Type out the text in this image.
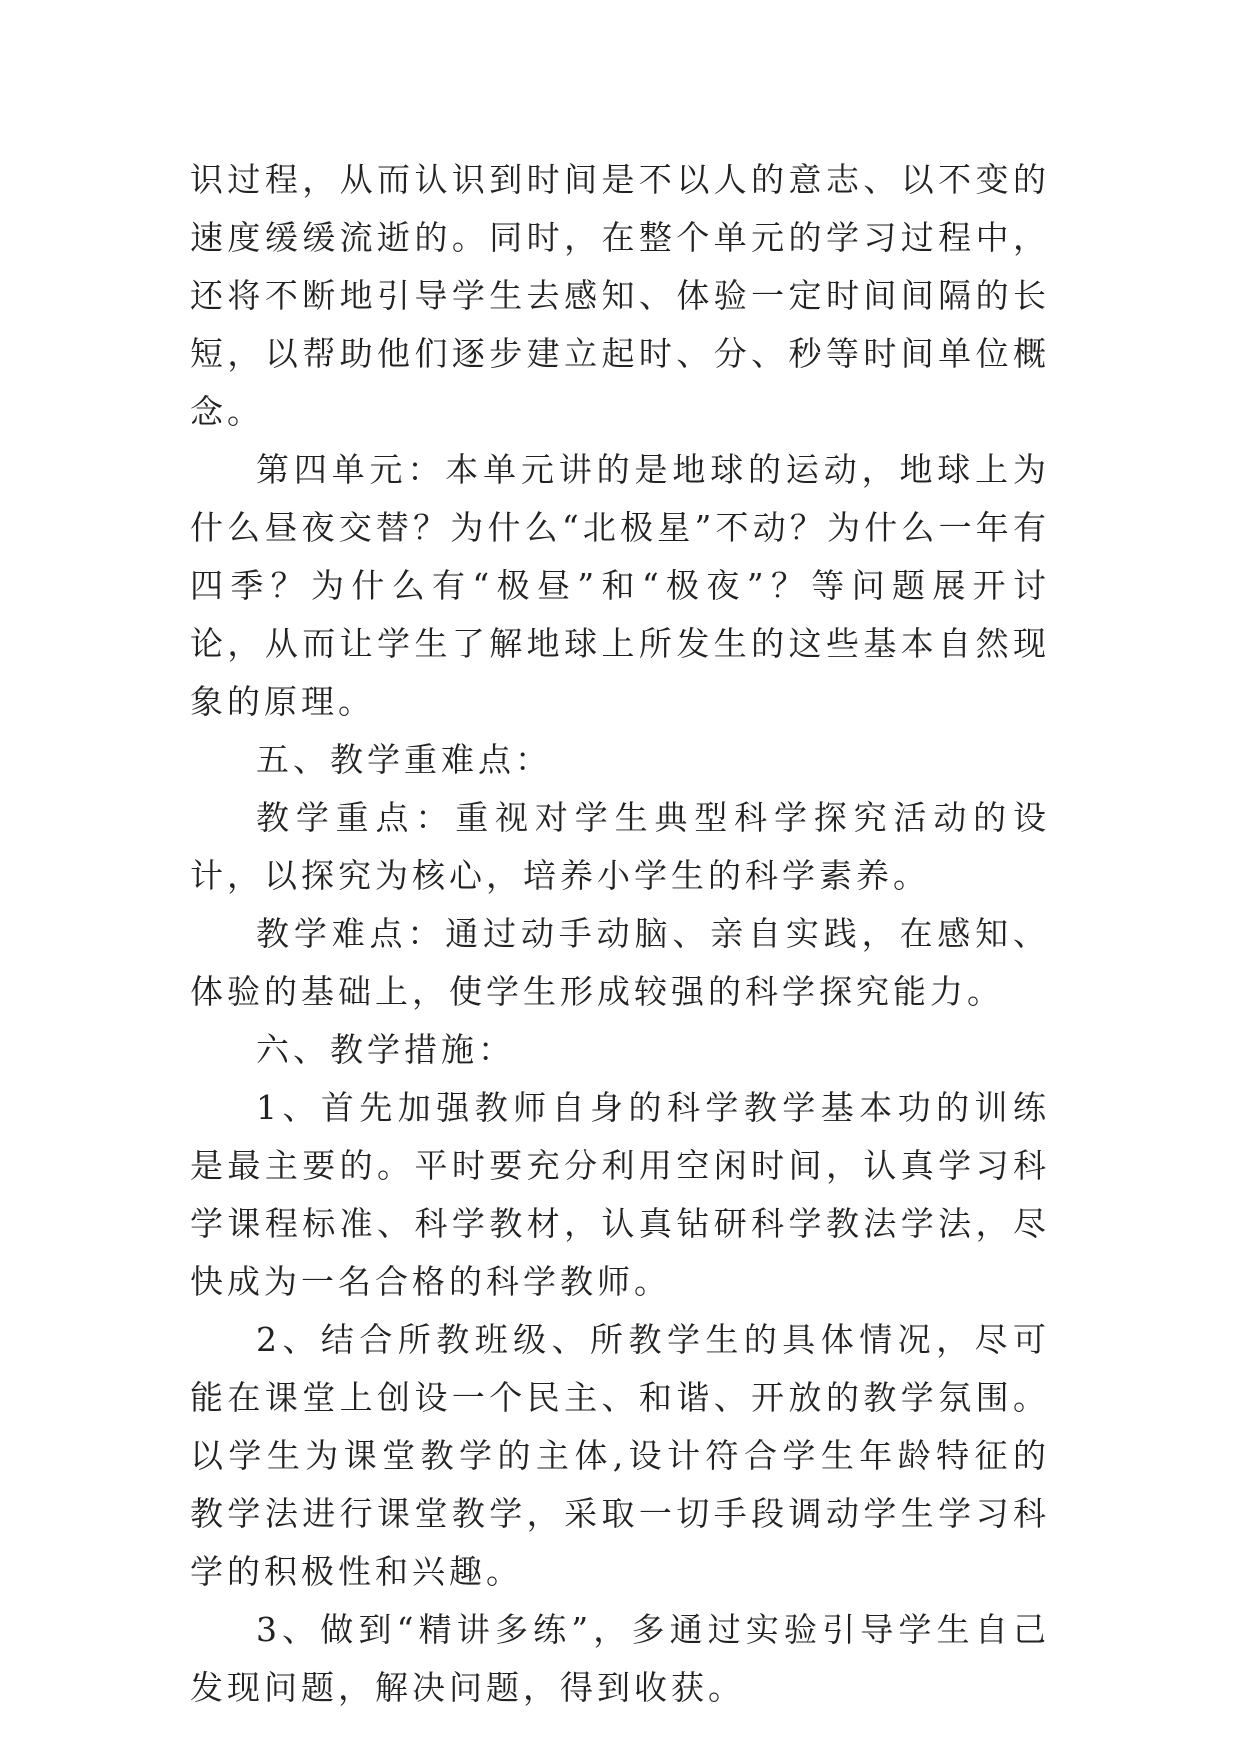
识过程，从而认识到时间是不以人的意志、以不变的速度缓缓流逝的。同时，在整个单元的学习过程中，还将不断地引导学生去感知、体验一定时间间隔的长短，以帮助他们逐步建立起时、分、秒等时间单位概念。

第四单元：本单元讲的是地球的运动，地球上为什么昼夜交替？为什么“北极星”不动？为什么一年有四季？为什么有“极昼”和“极夜”？等问题展开讨论，从而让学生了解地球上所发生的这些基本自然现象的原理。

五、教学重难点：

教学重点：重视对学生典型科学探究活动的设计，以探究为核心，培养小学生的科学素养。

教学难点：通过动手动脑、亲自实践，在感知、体验的基础上，使学生形成较强的科学探究能力。

六、教学措施：

1、首先加强教师自身的科学教学基本功的训练是最主要的。平时要充分利用空闲时间，认真学习科学课程标准、科学教材，认真钻研科学教法学法，尽快成为一名合格的科学教师。

2、结合所教班级、所教学生的具体情况，尽可能在课堂上创设一个民主、和谐、开放的教学氛围。以学生为课堂教学的主体,设计符合学生年龄特征的教学法进行课堂教学，采取一切手段调动学生学习科学的积极性和兴趣。

3、做到“精讲多练”，多通过实验引导学生自己发现问题，解决问题，得到收获。
